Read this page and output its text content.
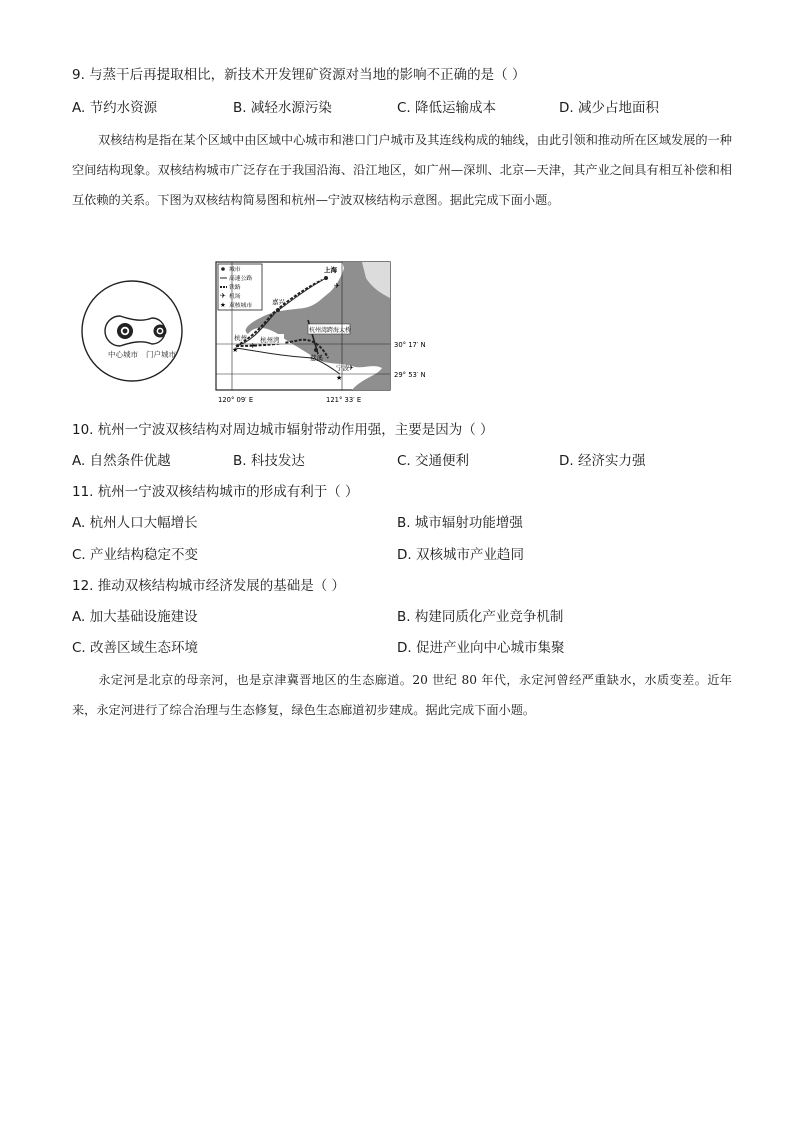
9. 与蒸干后再提取相比，新技术开发锂矿资源对当地的影响不正确的是（ ）
A. 节约水资源	B. 减轻水源污染	C. 降低运输成本	D. 减少占地面积
双核结构是指在某个区域中由区域中心城市和港口门户城市及其连线构成的轴线，由此引领和推动所在区域发展的一种空间结构现象。双核结构城市广泛存在于我国沿海、沿江地区，如广州—深圳、北京—天津，其产业之间具有相互补偿和相互依赖的关系。下图为双核结构简易图和杭州—宁波双核结构示意图。据此完成下面小题。
中心城市 门户城市
城市
高速公路
铁路
✈ 机场
★ 双核城市
上海
嘉兴
杭州
★
杭州湾
慈溪
宁波
★
杭州湾跨海大桥
✈
✈
✈
30° 17′ N
29° 53′ N
120° 09′ E	121° 33′ E
10. 杭州一宁波双核结构对周边城市辐射带动作用强，主要是因为（ ）
A. 自然条件优越	B. 科技发达	C. 交通便利	D. 经济实力强
11. 杭州一宁波双核结构城市的形成有利于（ ）
A. 杭州人口大幅增长	B. 城市辐射功能增强
C. 产业结构稳定不变	D. 双核城市产业趋同
12. 推动双核结构城市经济发展的基础是（ ）
A. 加大基础设施建设	B. 构建同质化产业竞争机制
C. 改善区域生态环境	D. 促进产业向中心城市集聚
永定河是北京的母亲河，也是京津冀晋地区的生态廊道。20 世纪 80 年代，永定河曾经严重缺水，水质变差。近年来，永定河进行了综合治理与生态修复，绿色生态廊道初步建成。据此完成下面小题。
